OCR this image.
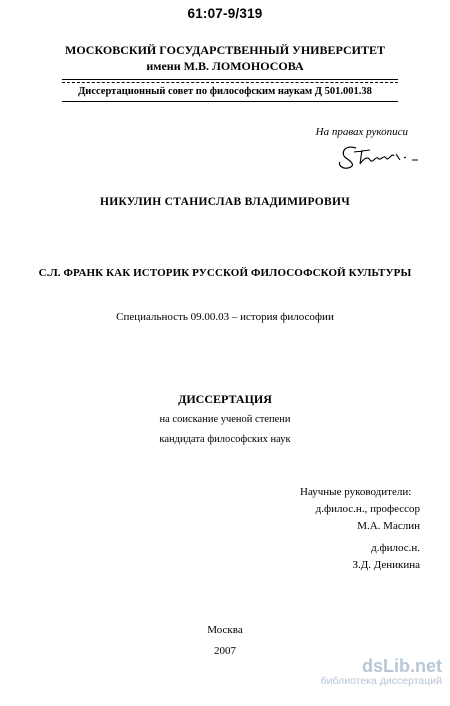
61:07-9/319
МОСКОВСКИЙ ГОСУДАРСТВЕННЫЙ УНИВЕРСИТЕТ
имени М.В. ЛОМОНОСОВА
Диссертационный совет по философским наукам Д 501.001.38
На правах рукописи
НИКУЛИН СТАНИСЛАВ ВЛАДИМИРОВИЧ
С.Л. ФРАНК КАК ИСТОРИК РУССКОЙ ФИЛОСОФСКОЙ КУЛЬТУРЫ
Специальность 09.00.03 – история философии
ДИССЕРТАЦИЯ
на соискание ученой степени
кандидата философских наук
Научные руководители:
д.филос.н., профессор
М.А. Маслин
д.филос.н.
З.Д. Деникина
Москва
2007
dsLib.net
библиотека диссертаций
